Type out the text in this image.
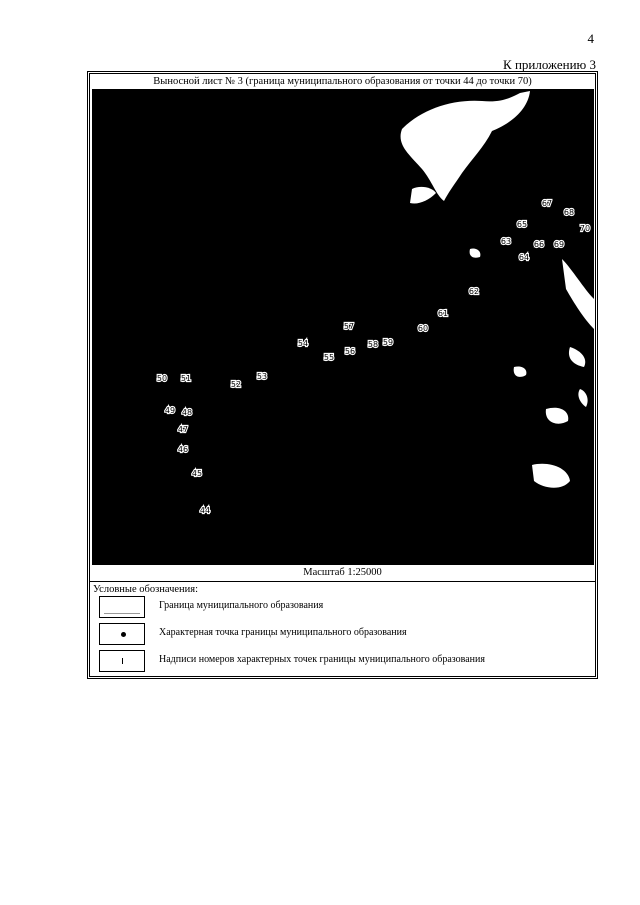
4
К приложению 3
Выносной лист № 3 (граница муниципального образования от точки 44 до точки 70)
44
45
46
47
48
49
50 51
52
53
54
55
56
57
58 59
60
61
62
63
64
65
66
67
68
69
70
Масштаб 1:25000
Условные обозначения:
Граница муниципального образования
Характерная точка границы муниципального образования
Надписи номеров характерных точек границы муниципального образования
